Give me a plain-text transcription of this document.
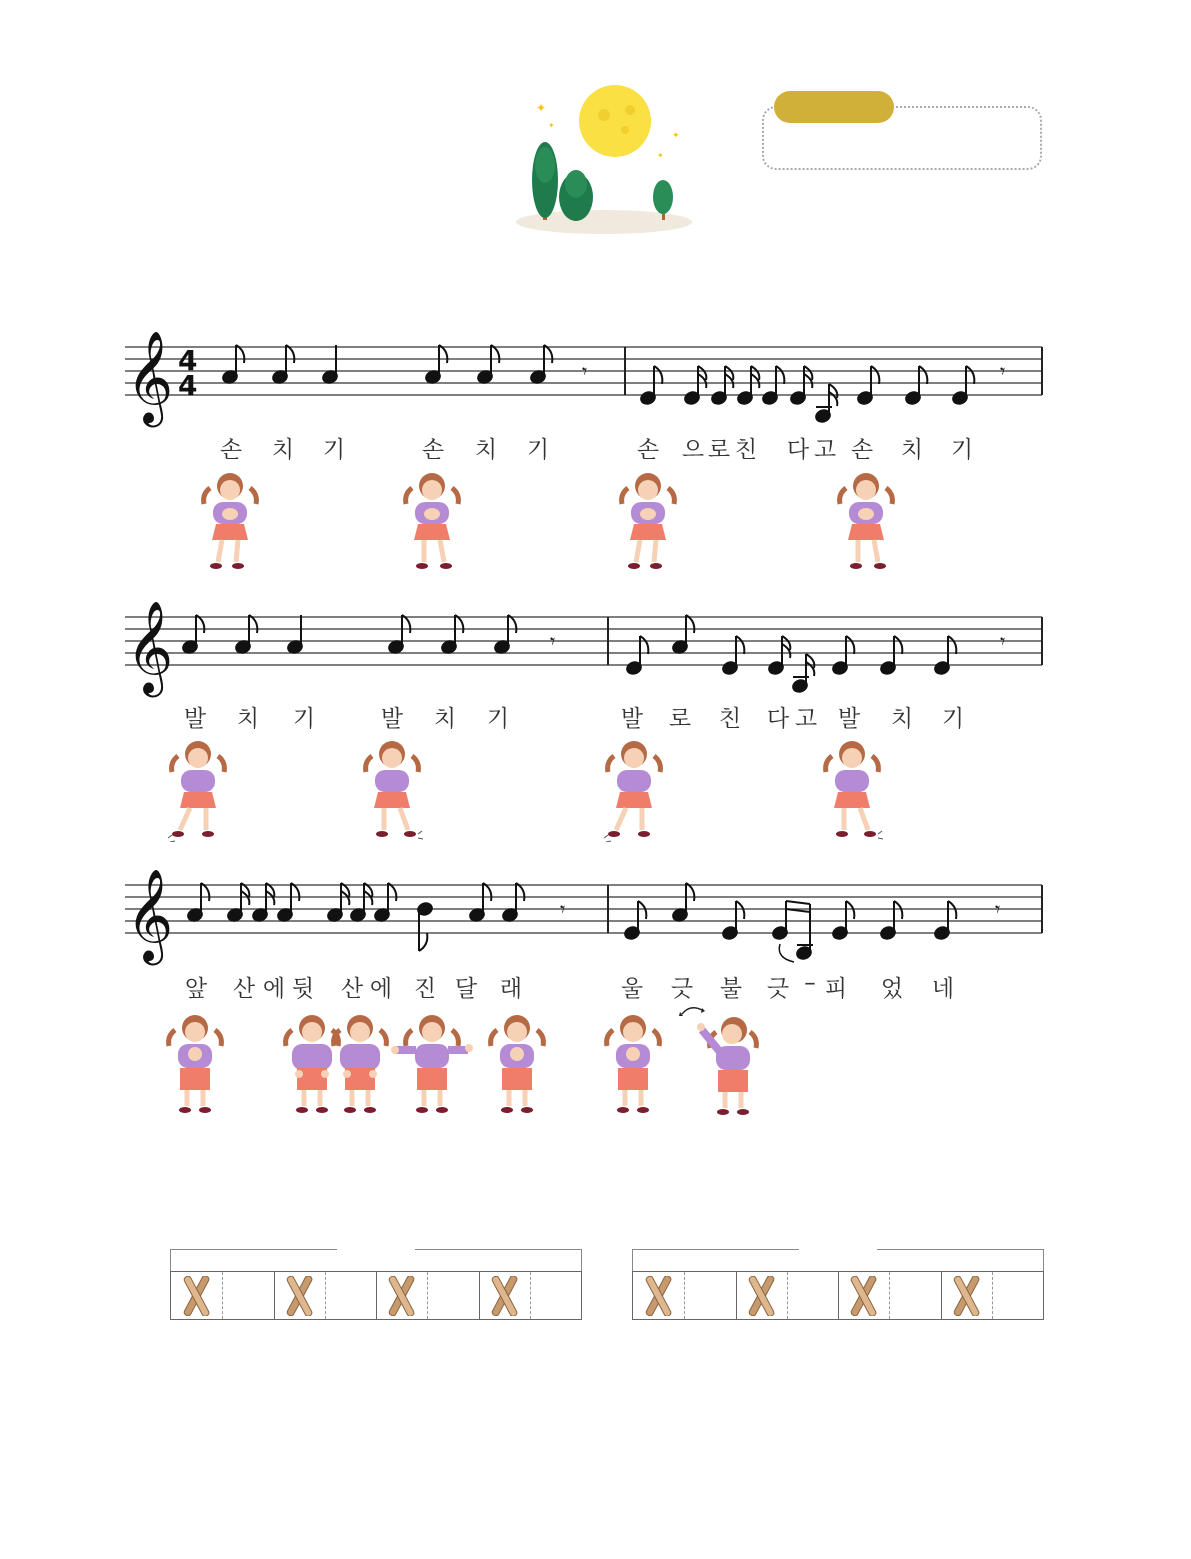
✦
✦
✦
✦
𝄞 4
4	𝄾	𝄾
손 치 기	손 치 기	손 으 로 친 다 고 손 치 기
𝄞	𝄾	𝄾
발 치 기	발 치 기	발 로 친 다 고 발 치 기
𝄞	𝄾	𝄾
앞 산 에 뒷 산 에 진 달 래	울 긋 불 긋 – 피 었 네
